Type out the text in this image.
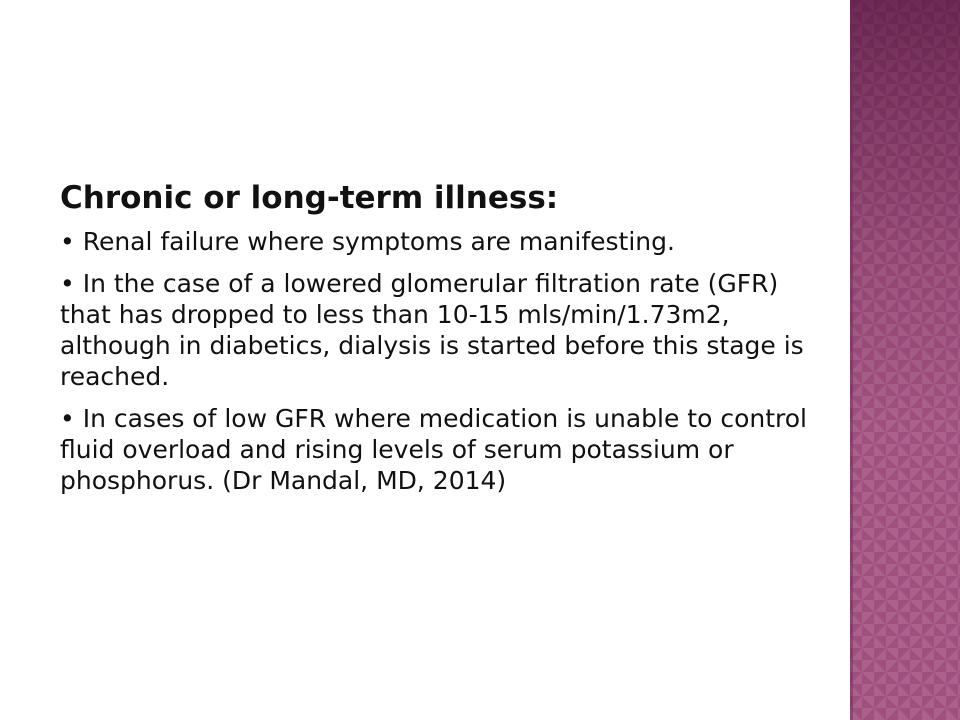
Chronic or long-term illness:
• Renal failure where symptoms are manifesting.
• In the case of a lowered glomerular filtration rate (GFR) that has dropped to less than 10-15 mls/min/1.73m2, although in diabetics, dialysis is started before this stage is reached.
• In cases of low GFR where medication is unable to control fluid overload and rising levels of serum potassium or phosphorus. (Dr Mandal, MD, 2014)
